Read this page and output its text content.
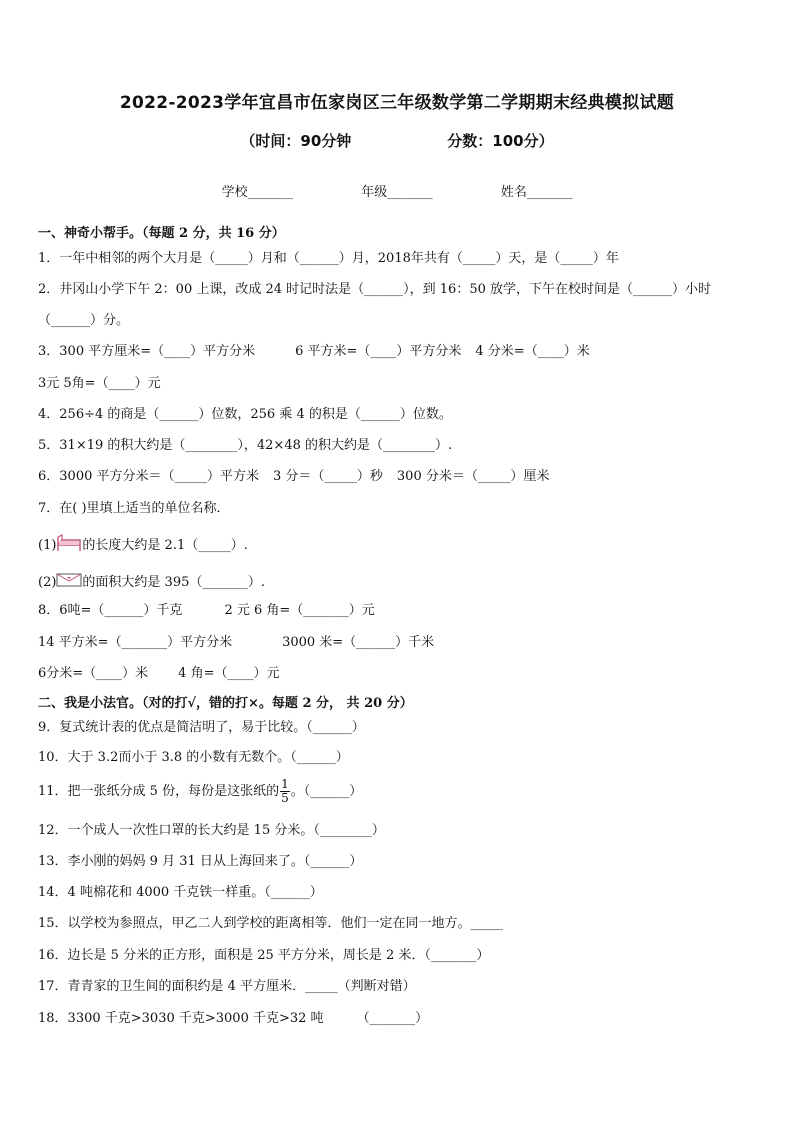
2022-2023学年宜昌市伍家岗区三年级数学第二学期期末经典模拟试题
（时间：90分钟	分数：100分）
学校_______	年级_______	姓名_______
一、神奇小帮手。（每题 2 分，共 16 分）
1．一年中相邻的两个大月是（_____）月和（______）月，2018年共有（_____）天，是（_____）年
2．井冈山小学下午 2：00 上课，改成 24 时记时法是（______），到 16：50 放学，下午在校时间是（______）小时
（______）分。
3．300 平方厘米=（____）平方分米	6 平方米=（____）平方分米 4 分米=（____）米
3元 5角=（____）元
4．256÷4 的商是（______）位数，256 乘 4 的积是（______）位数。
5．31×19 的积大约是（________），42×48 的积大约是（________）.
6．3000 平方分米＝（_____）平方米 3 分＝（_____）秒 300 分米＝（_____）厘米
7．在( )里填上适当的单位名称．
(1) 的长度大约是 2.1（_____）.
(2) 的面积大约是 395（_______）.
8．6吨=（______）千克	2 元 6 角=（_______）元
14 平方米=（_______）平方分米	3000 米=（______）千米
6分米=（____）米 4 角=（____）元
二、我是小法官。（对的打√，错的打×。每题 2 分， 共 20 分）
9．复式统计表的优点是简洁明了，易于比较。（______）
10．大于 3.2而小于 3.8 的小数有无数个。（______）
11．把一张纸分成 5 份，每份是这张纸的 $\frac{1}{5}$ 。（______）
12．一个成人一次性口罩的长大约是 15 分米。（________）
13．李小刚的妈妈 9 月 31 日从上海回来了。（______）
14．4 吨棉花和 4000 千克铁一样重。（______）
15．以学校为参照点，甲乙二人到学校的距离相等．他们一定在同一地方。_____
16．边长是 5 分米的正方形，面积是 25 平方分米，周长是 2 米．（_______）
17．青青家的卫生间的面积约是 4 平方厘米．_____（判断对错）
18．3300 千克>3030 千克>3000 千克>32 吨        （_______）
